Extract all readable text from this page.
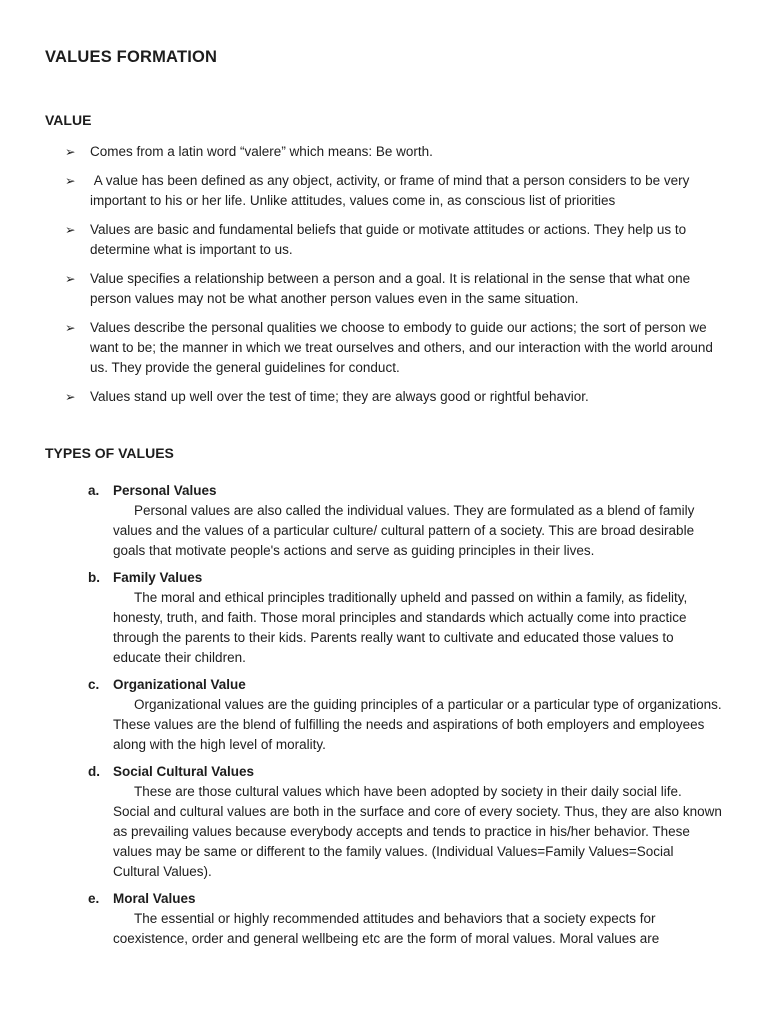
VALUES FORMATION
VALUE
➢ Comes from a latin word “valere” which means: Be worth.
➢ A value has been defined as any object, activity, or frame of mind that a person considers to be very important to his or her life. Unlike attitudes, values come in, as conscious list of priorities
➢ Values are basic and fundamental beliefs that guide or motivate attitudes or actions. They help us to determine what is important to us.
➢ Value specifies a relationship between a person and a goal. It is relational in the sense that what one person values may not be what another person values even in the same situation.
➢ Values describe the personal qualities we choose to embody to guide our actions; the sort of person we want to be; the manner in which we treat ourselves and others, and our interaction with the world around us. They provide the general guidelines for conduct.
➢ Values stand up well over the test of time; they are always good or rightful behavior.
TYPES OF VALUES
a. Personal Values

Personal values are also called the individual values. They are formulated as a blend of family values and the values of a particular culture/ cultural pattern of a society. This are broad desirable goals that motivate people's actions and serve as guiding principles in their lives.

b. Family Values

The moral and ethical principles traditionally upheld and passed on within a family, as fidelity, honesty, truth, and faith. Those moral principles and standards which actually come into practice through the parents to their kids. Parents really want to cultivate and educated those values to educate their children.

c. Organizational Value

Organizational values are the guiding principles of a particular or a particular type of organizations. These values are the blend of fulfilling the needs and aspirations of both employers and employees along with the high level of morality.

d. Social Cultural Values

These are those cultural values which have been adopted by society in their daily social life. Social and cultural values are both in the surface and core of every society. Thus, they are also known as prevailing values because everybody accepts and tends to practice in his/her behavior. These values may be same or different to the family values. (Individual Values=Family Values=Social Cultural Values).

e. Moral Values

The essential or highly recommended attitudes and behaviors that a society expects for coexistence, order and general wellbeing etc are the form of moral values. Moral values are
